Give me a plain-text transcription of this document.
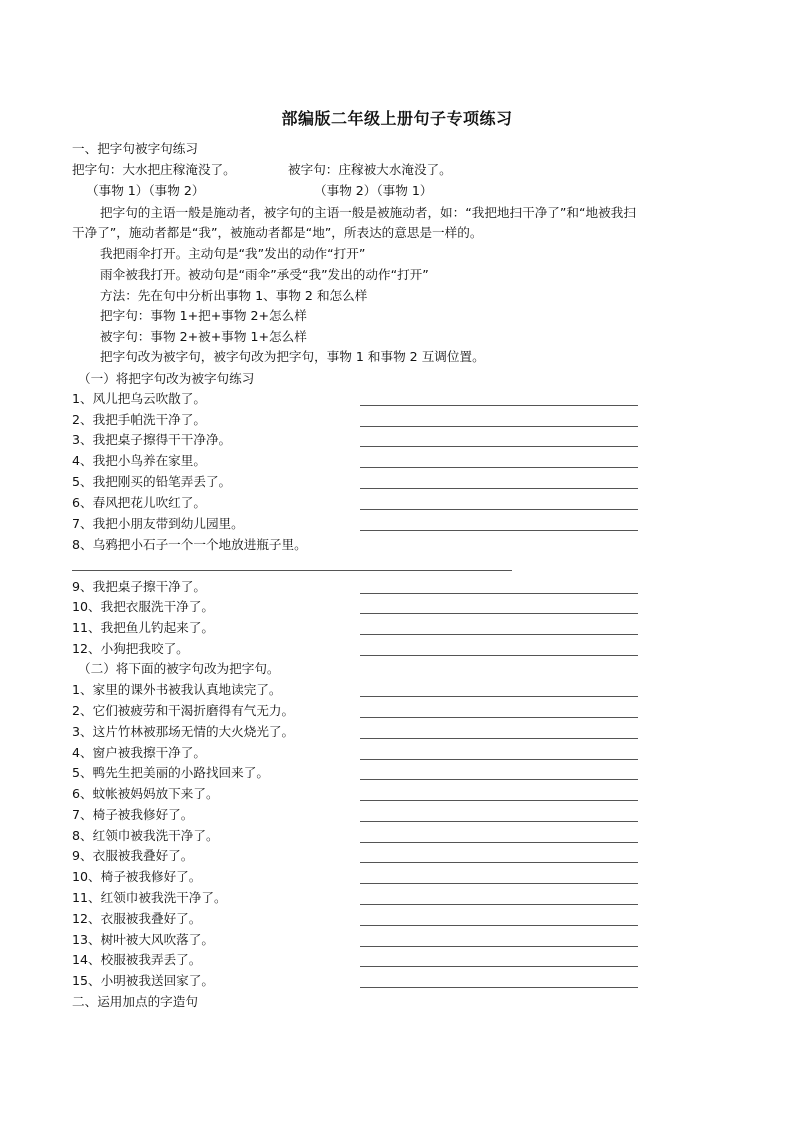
部编版二年级上册句子专项练习
一、把字句被字句练习
把字句：大水把庄稼淹没了。	被字句：庄稼被大水淹没了。
（事物 1）（事物 2）	（事物 2）（事物 1）
把字句的主语一般是施动者，被字句的主语一般是被施动者，如：“我把地扫干净了”和“地被我扫
干净了”，施动者都是“我”，被施动者都是“地”，所表达的意思是一样的。
我把雨伞打开。主动句是“我”发出的动作“打开”
雨伞被我打开。被动句是“雨伞”承受“我”发出的动作“打开”
方法：先在句中分析出事物 1、事物 2 和怎么样
把字句：事物 1+把+事物 2+怎么样
被字句：事物 2+被+事物 1+怎么样
把字句改为被字句，被字句改为把字句，事物 1 和事物 2 互调位置。
（一）将把字句改为被字句练习
1、风儿把乌云吹散了。
2、我把手帕洗干净了。
3、我把桌子擦得干干净净。
4、我把小鸟养在家里。
5、我把刚买的铅笔弄丢了。
6、春风把花儿吹红了。
7、我把小朋友带到幼儿园里。
8、乌鸦把小石子一个一个地放进瓶子里。
9、我把桌子擦干净了。
10、我把衣服洗干净了。
11、我把鱼儿钓起来了。
12、小狗把我咬了。
（二）将下面的被字句改为把字句。
1、家里的课外书被我认真地读完了。
2、它们被疲劳和干渴折磨得有气无力。
3、这片竹林被那场无情的大火烧光了。
4、窗户被我擦干净了。
5、鸭先生把美丽的小路找回来了。
6、蚊帐被妈妈放下来了。
7、椅子被我修好了。
8、红领巾被我洗干净了。
9、衣服被我叠好了。
10、椅子被我修好了。
11、红领巾被我洗干净了。
12、衣服被我叠好了。
13、树叶被大风吹落了。
14、校服被我弄丢了。
15、小明被我送回家了。
二、运用加点的字造句
